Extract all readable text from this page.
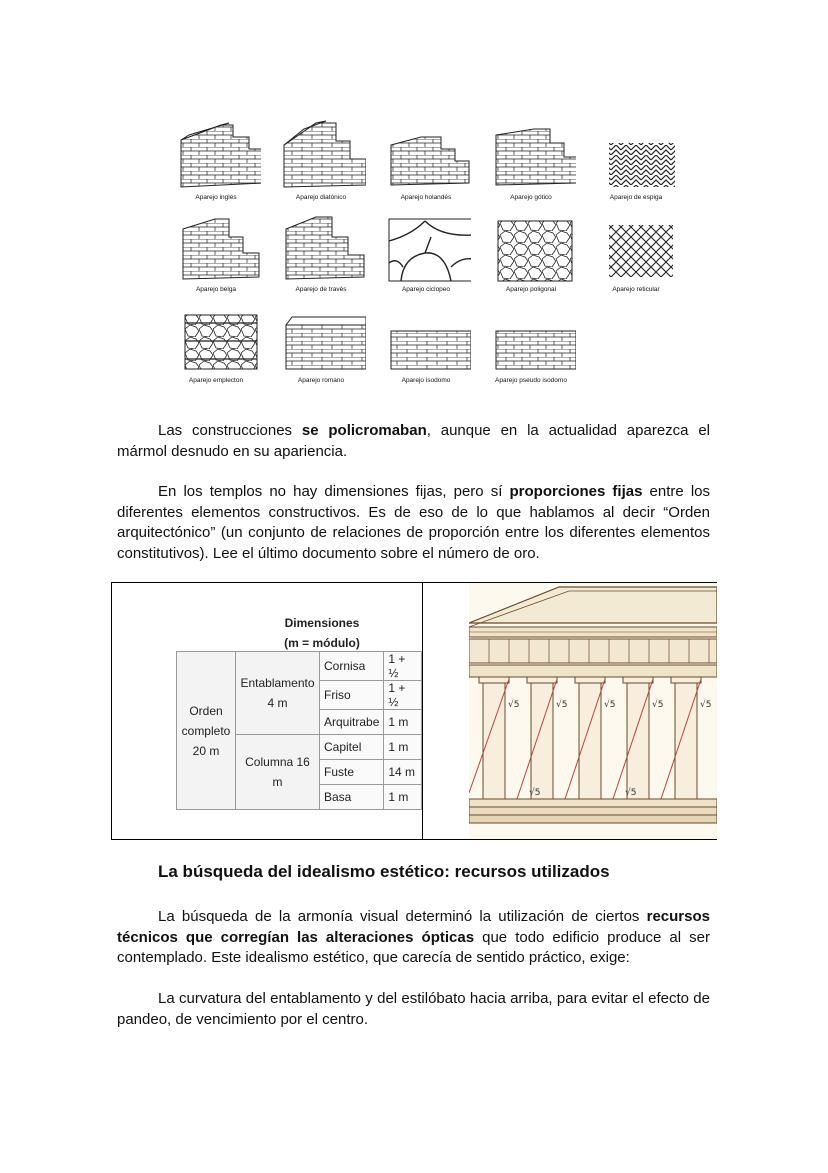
Aparejo inglés	Aparejo diatónico	Aparejo holandés	Aparejo gótico	Aparejo de espiga
Aparejo belga	Aparejo de través	Aparejo ciclopeo	Aparejo poligonal	Aparejo reticular
Aparejo emplecton	Aparejo romano	Aparejo isodomo	Aparejo pseudo isodomo
Las construcciones se policromaban, aunque en la actualidad aparezca el mármol desnudo en su apariencia.
En los templos no hay dimensiones fijas, pero sí proporciones fijas entre los diferentes elementos constructivos. Es de eso de lo que hablamos al decir “Orden arquitectónico” (un conjunto de relaciones de proporción entre los diferentes elementos constitutivos). Lee el último documento sobre el número de oro.
Dimensiones
(m = módulo)
Orden completo 20 m	Entablamento 4 m	Cornisa	1 + ½
		Friso	1 + ½
		Arquitrabe	1 m
	Columna 16 m	Capitel	1 m
		Fuste	14 m
		Basa	1 m
√5	√5	√5	√5	√5
√5	√5
La búsqueda del idealismo estético: recursos utilizados
La búsqueda de la armonía visual determinó la utilización de ciertos recursos técnicos que corregían las alteraciones ópticas que todo edificio produce al ser contemplado. Este idealismo estético, que carecía de sentido práctico, exige:
La curvatura del entablamento y del estilóbato hacia arriba, para evitar el efecto de pandeo, de vencimiento por el centro.
